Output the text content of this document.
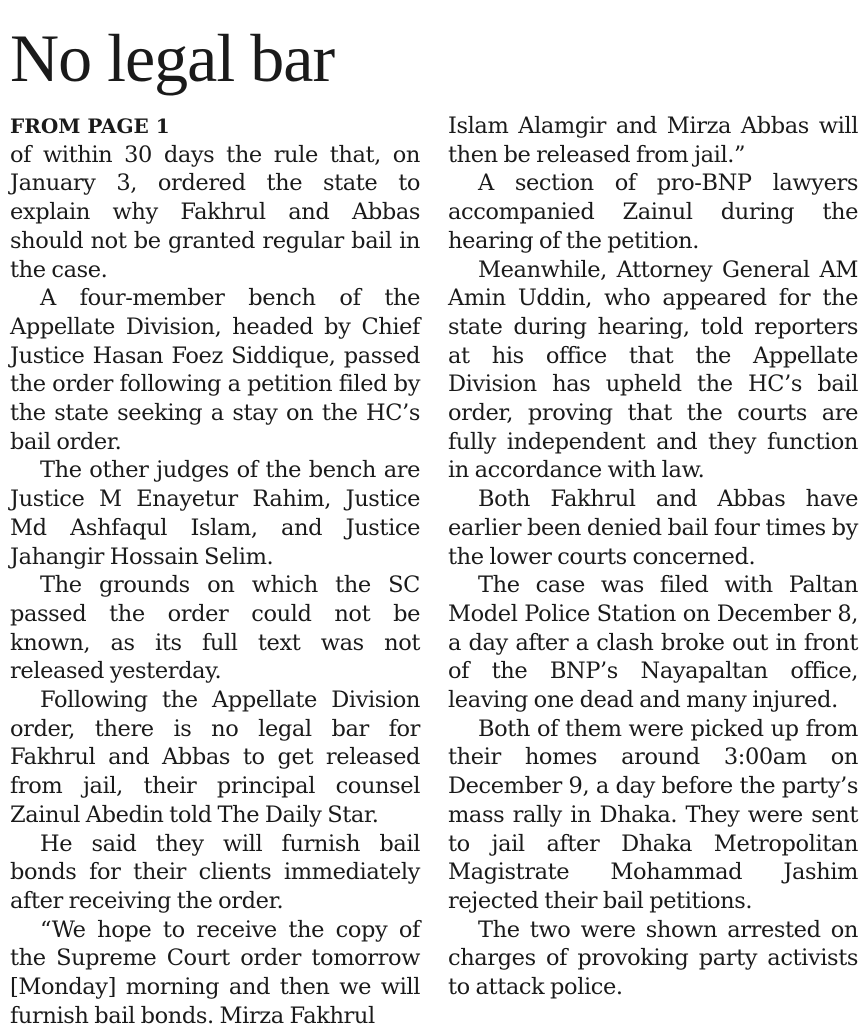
No legal bar
FROM PAGE 1

of within 30 days the rule that, on January 3, ordered the state to explain why Fakhrul and Abbas should not be granted regular bail in the case.

A four-member bench of the Appellate Division, headed by Chief Justice Hasan Foez Siddique, passed the order following a petition filed by the state seeking a stay on the HC’s bail order.

The other judges of the bench are Justice M Enayetur Rahim, Justice Md Ashfaqul Islam, and Justice Jahangir Hossain Selim.

The grounds on which the SC passed the order could not be known, as its full text was not released yesterday.

Following the Appellate Division order, there is no legal bar for Fakhrul and Abbas to get released from jail, their principal counsel Zainul Abedin told The Daily Star.

He said they will furnish bail bonds for their clients immediately after receiving the order.

“We hope to receive the copy of the Supreme Court order tomorrow [Monday] morning and then we will furnish bail bonds. Mirza Fakhrul

Islam Alamgir and Mirza Abbas will then be released from jail.”

A section of pro-BNP lawyers accompanied Zainul during the hearing of the petition.

Meanwhile, Attorney General AM Amin Uddin, who appeared for the state during hearing, told reporters at his office that the Appellate Division has upheld the HC’s bail order, proving that the courts are fully independent and they function in accordance with law.

Both Fakhrul and Abbas have earlier been denied bail four times by the lower courts concerned.

The case was filed with Paltan Model Police Station on December 8, a day after a clash broke out in front of the BNP’s Nayapaltan office, leaving one dead and many injured.

Both of them were picked up from their homes around 3:00am on December 9, a day before the party’s mass rally in Dhaka. They were sent to jail after Dhaka Metropolitan Magistrate Mohammad Jashim rejected their bail petitions.

The two were shown arrested on charges of provoking party activists to attack police.
